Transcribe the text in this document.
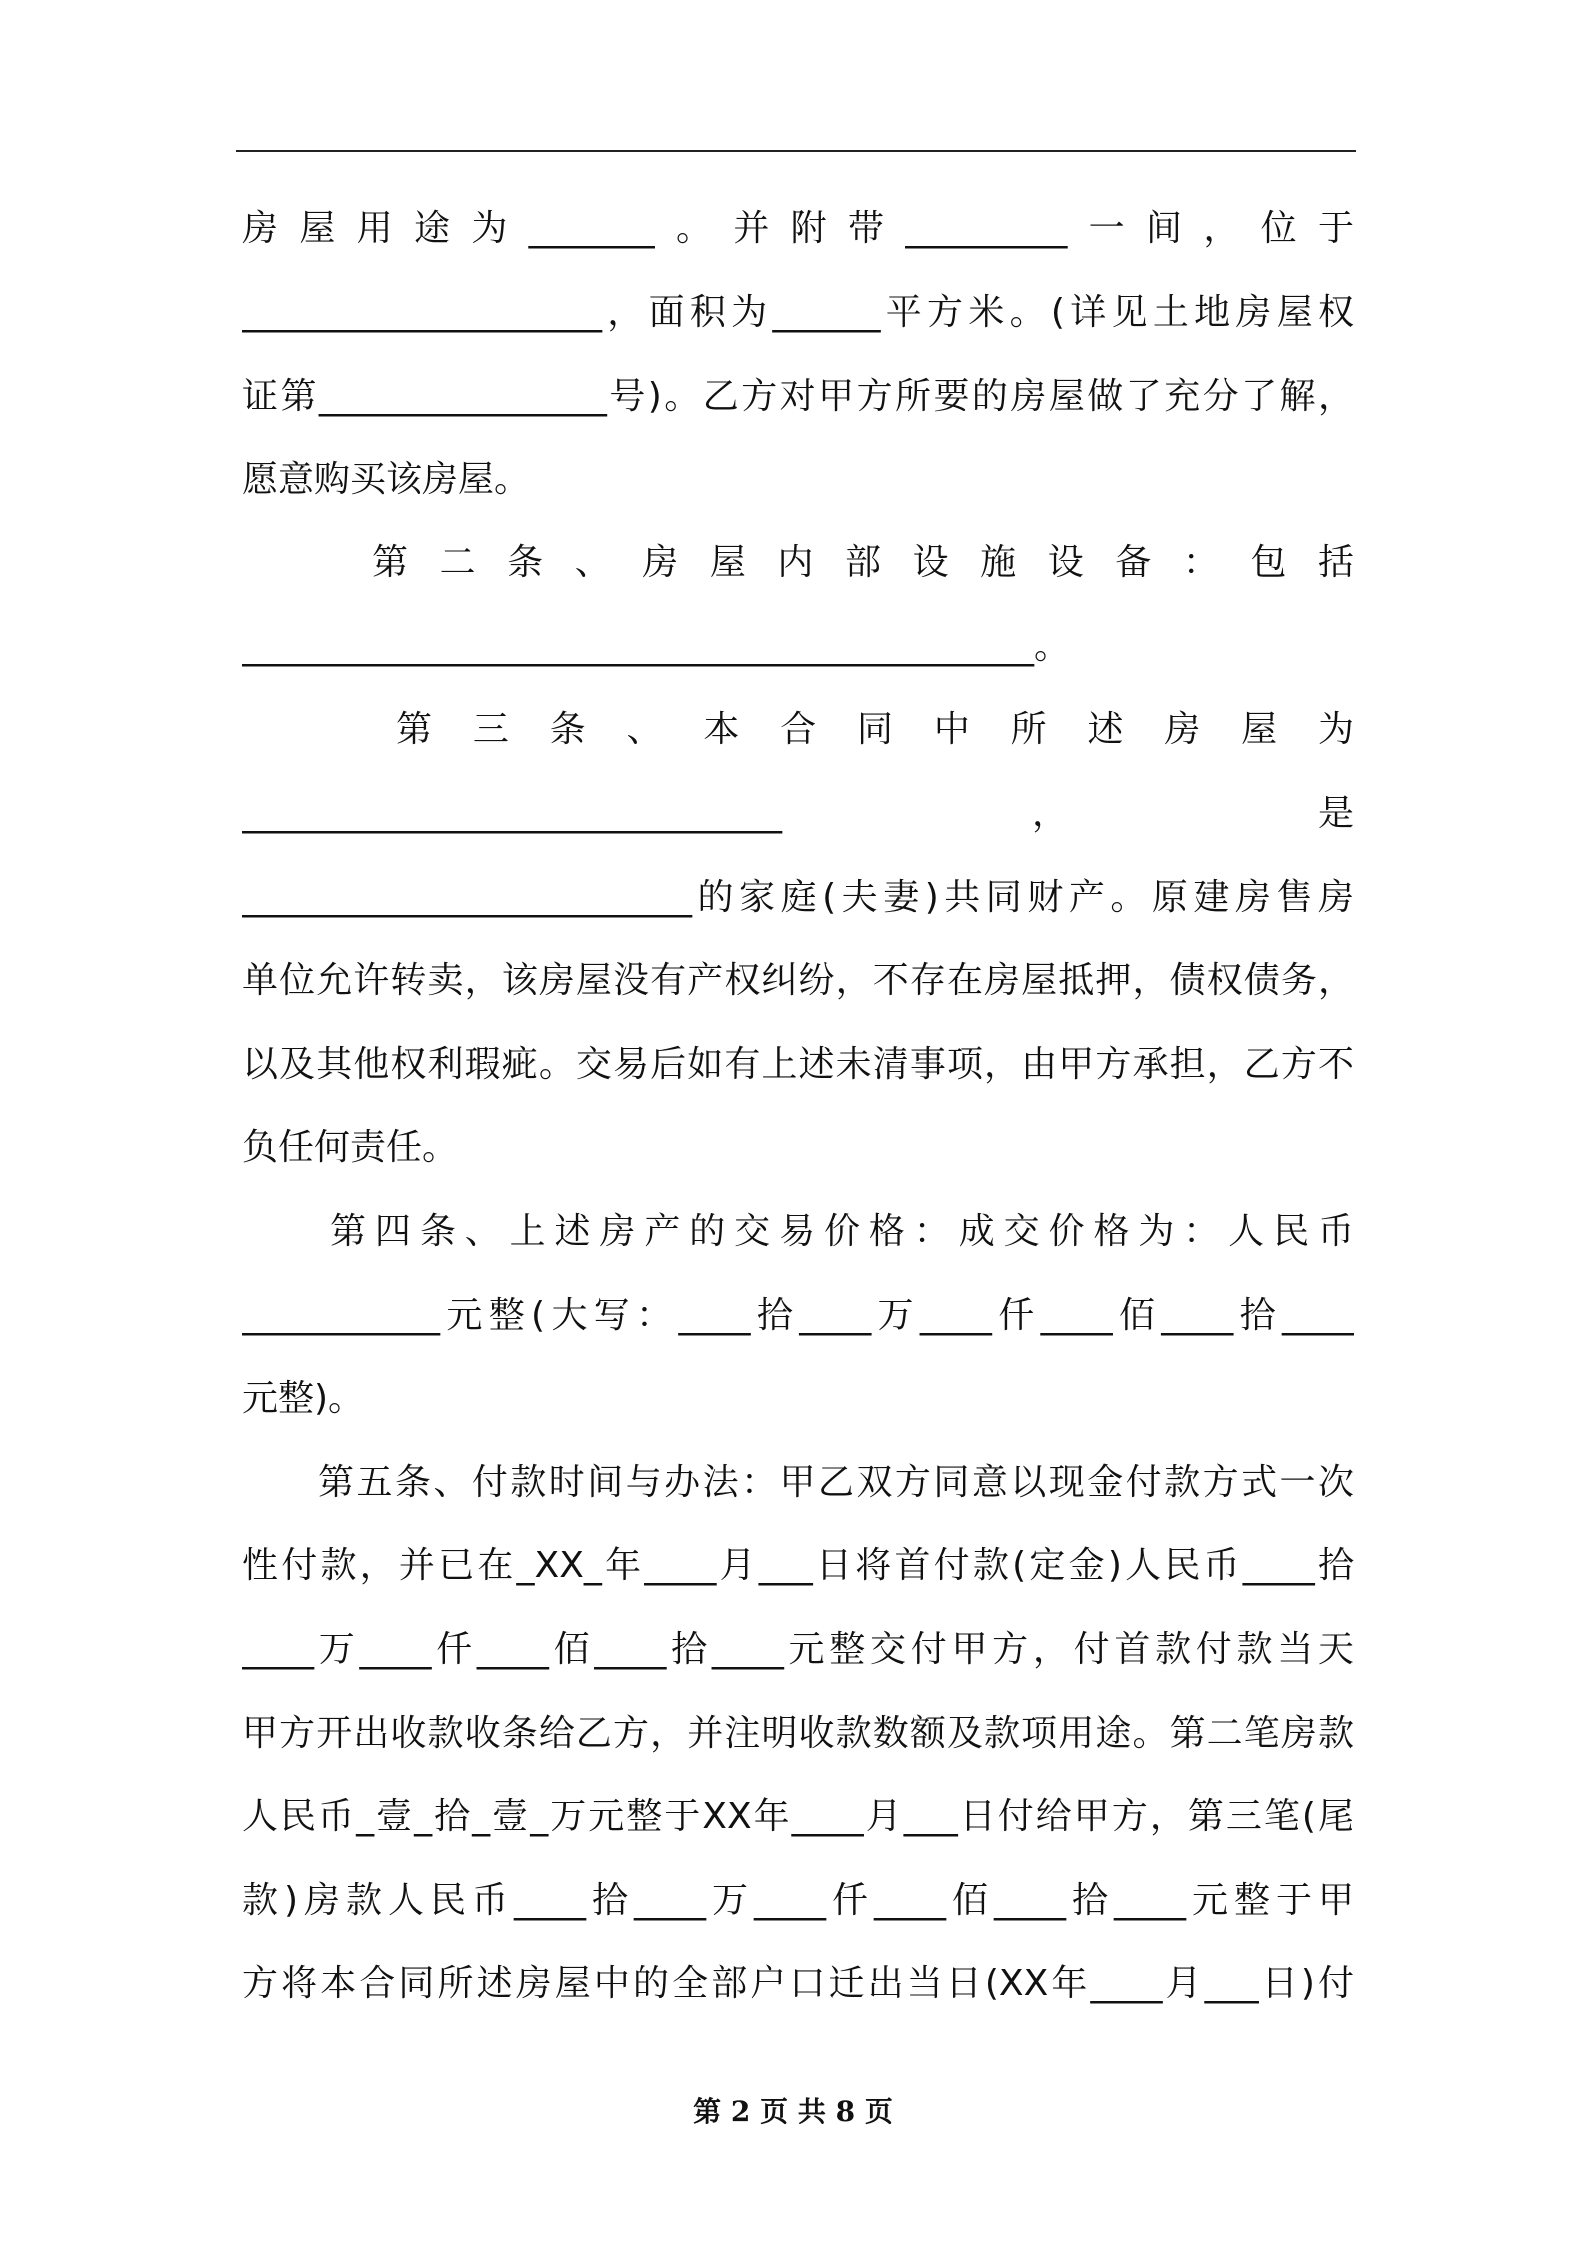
房屋用途为_______。并附带_________一间，位于
____________________，面积为______平方米。(详见土地房屋权
证第________________号)。乙方对甲方所要的房屋做了充分了解，
愿意购买该房屋。
第二条、房屋内部设施设备：包括
____________________________________________。
第三条、本合同中所述房屋为
______________________________，是
_________________________的家庭(夫妻)共同财产。原建房售房
单位允许转卖，该房屋没有产权纠纷，不存在房屋抵押，债权债务，
以及其他权利瑕疵。交易后如有上述未清事项，由甲方承担，乙方不
负任何责任。
第四条、上述房产的交易价格：成交价格为：人民币
___________元整(大写：____拾____万____仟____佰____拾____
元整)。
第五条、付款时间与办法：甲乙双方同意以现金付款方式一次
性付款，并已在_XX_年____月___日将首付款(定金)人民币____拾
____万____仟____佰____拾____元整交付甲方，付首款付款当天
甲方开出收款收条给乙方，并注明收款数额及款项用途。第二笔房款
人民币_壹_拾_壹_万元整于XX年____月___日付给甲方，第三笔(尾
款)房款人民币____拾____万____仟____佰____拾____元整于甲
方将本合同所述房屋中的全部户口迁出当日(XX年____月___日)付
第 2 页 共 8 页
